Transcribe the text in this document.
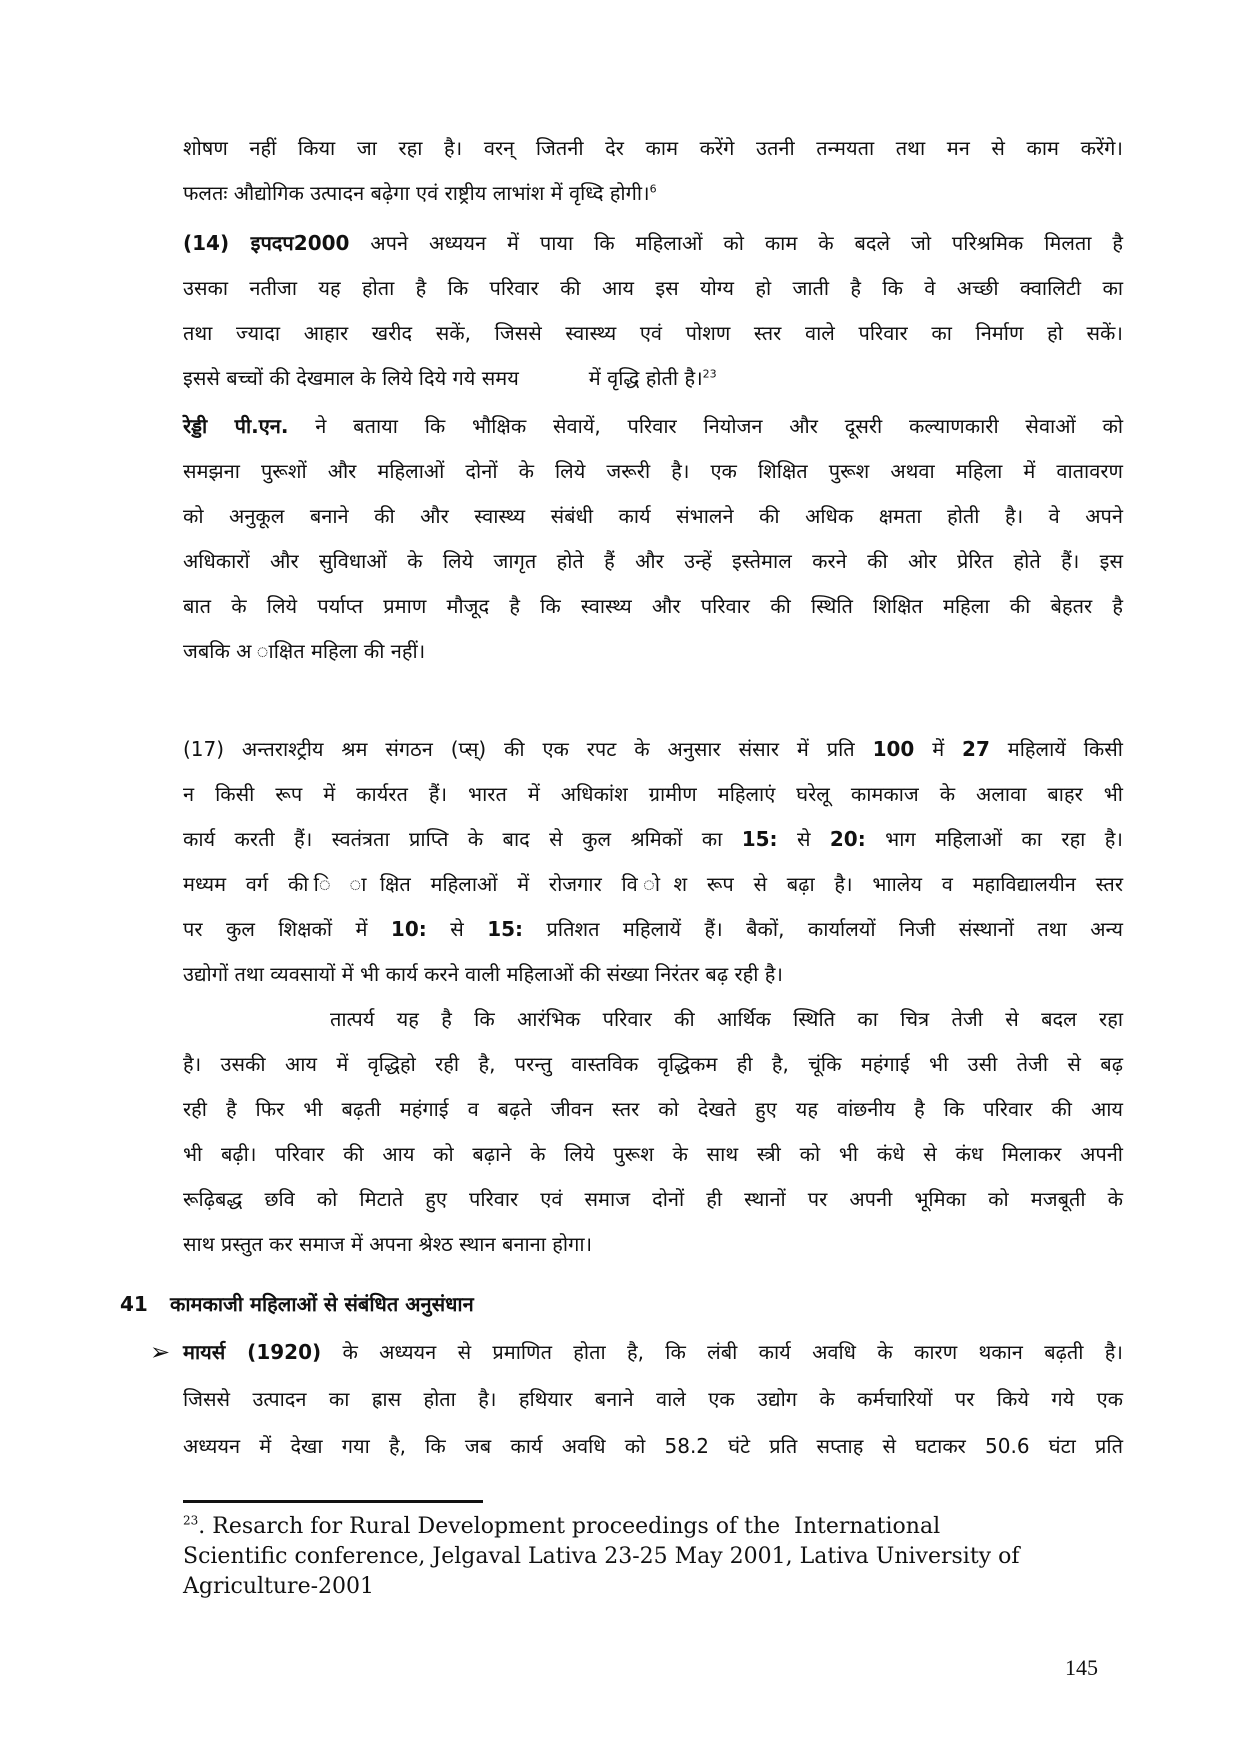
शोषण नहीं किया जा रहा है। वरन् जितनी देर काम करेंगे उतनी तन्मयता तथा मन से काम करेंगे।
फलतः औद्योगिक उत्पादन बढ़ेगा एवं राष्ट्रीय लाभांश में वृध्दि होगी।$^6$
(14) इपदप2000 अपने अध्ययन में पाया कि महिलाओं को काम के बदले जो परिश्रमिक मिलता है
उसका नतीजा यह होता है कि परिवार की आय इस योग्य हो जाती है कि वे अच्छी क्वालिटी का
तथा ज्यादा आहार खरीद सकें, जिससे स्वास्थ्य एवं पोशण स्तर वाले परिवार का निर्माण हो सकें।
इससे बच्चों की देखमाल के लिये दिये गये समय           में वृद्धि होती है।$^{23}$
रेड्डी पी.एन. ने बताया कि भौक्षिक सेवायें, परिवार नियोजन और दूसरी कल्याणकारी सेवाओं को
समझना पुरूशों और महिलाओं दोनों के लिये जरूरी है। एक शिक्षित पुरूश अथवा महिला में वातावरण
को अनुकूल बनाने की और स्वास्थ्य संबंधी कार्य संभालने की अधिक क्षमता होती है। वे अपने
अधिकारों और सुविधाओं के लिये जागृत होते हैं और उन्हें इस्तेमाल करने की ओर प्रेरित होते हैं। इस
बात के लिये पर्याप्त प्रमाण मौजूद है कि स्वास्थ्य और परिवार की स्थिति शिक्षित महिला की बेहतर है
जबकि अ ाक्षित महिला की नहीं।
(17) अन्तराश्ट्रीय श्रम संगठन (प्स्) की एक रपट के अनुसार संसार में प्रति 100 में 27 महिलायें किसी
न किसी रूप में कार्यरत हैं। भारत में अधिकांश ग्रामीण महिलाएं घरेलू कामकाज के अलावा बाहर भी
कार्य करती हैं। स्वतंत्रता प्राप्ति के बाद से कुल श्रमिकों का 15: से 20: भाग महिलाओं का रहा है।
मध्यम वर्ग की ि ाक्षित महिलाओं में रोजगार वि ोश रूप से बढ़ा है। भाालेय व महाविद्यालयीन स्तर
पर कुल शिक्षकों में 10: से 15: प्रतिशत महिलायें हैं। बैकों, कार्यालयों निजी संस्थानों तथा अन्य
उद्योगों तथा व्यवसायों में भी कार्य करने वाली महिलाओं की संख्या निरंतर बढ़ रही है।
तात्पर्य यह है कि आरंभिक परिवार की आर्थिक स्थिति का चित्र तेजी से बदल रहा
है। उसकी आय में वृद्धिहो रही है, परन्तु वास्तविक वृद्धिकम ही है, चूंकि महंगाई भी उसी तेजी से बढ़
रही है फिर भी बढ़ती महंगाई व बढ़ते जीवन स्तर को देखते हुए यह वांछनीय है कि परिवार की आय
भी बढ़ी। परिवार की आय को बढ़ाने के लिये पुरूश के साथ स्त्री को भी कंधे से कंध मिलाकर अपनी
रूढ़िबद्ध छवि को मिटाते हुए परिवार एवं समाज दोनों ही स्थानों पर अपनी भूमिका को मजबूती के
साथ प्रस्तुत कर समाज में अपना श्रेश्ठ स्थान बनाना होगा।
41 कामकाजी महिलाओं से संबंधित अनुसंधान
➢ मायर्स (1920) के अध्ययन से प्रमाणित होता है, कि लंबी कार्य अवधि के कारण थकान बढ़ती है।
जिससे उत्पादन का ह्रास होता है। हथियार बनाने वाले एक उद्योग के कर्मचारियों पर किये गये एक
अध्ययन में देखा गया है, कि जब कार्य अवधि को 58.2 घंटे प्रति सप्ताह से घटाकर 50.6 घंटा प्रति
$^{23}$. Resarch for Rural Development proceedings of the  International
Scientific conference, Jelgaval Lativa 23-25 May 2001, Lativa University of
Agriculture-2001
145
